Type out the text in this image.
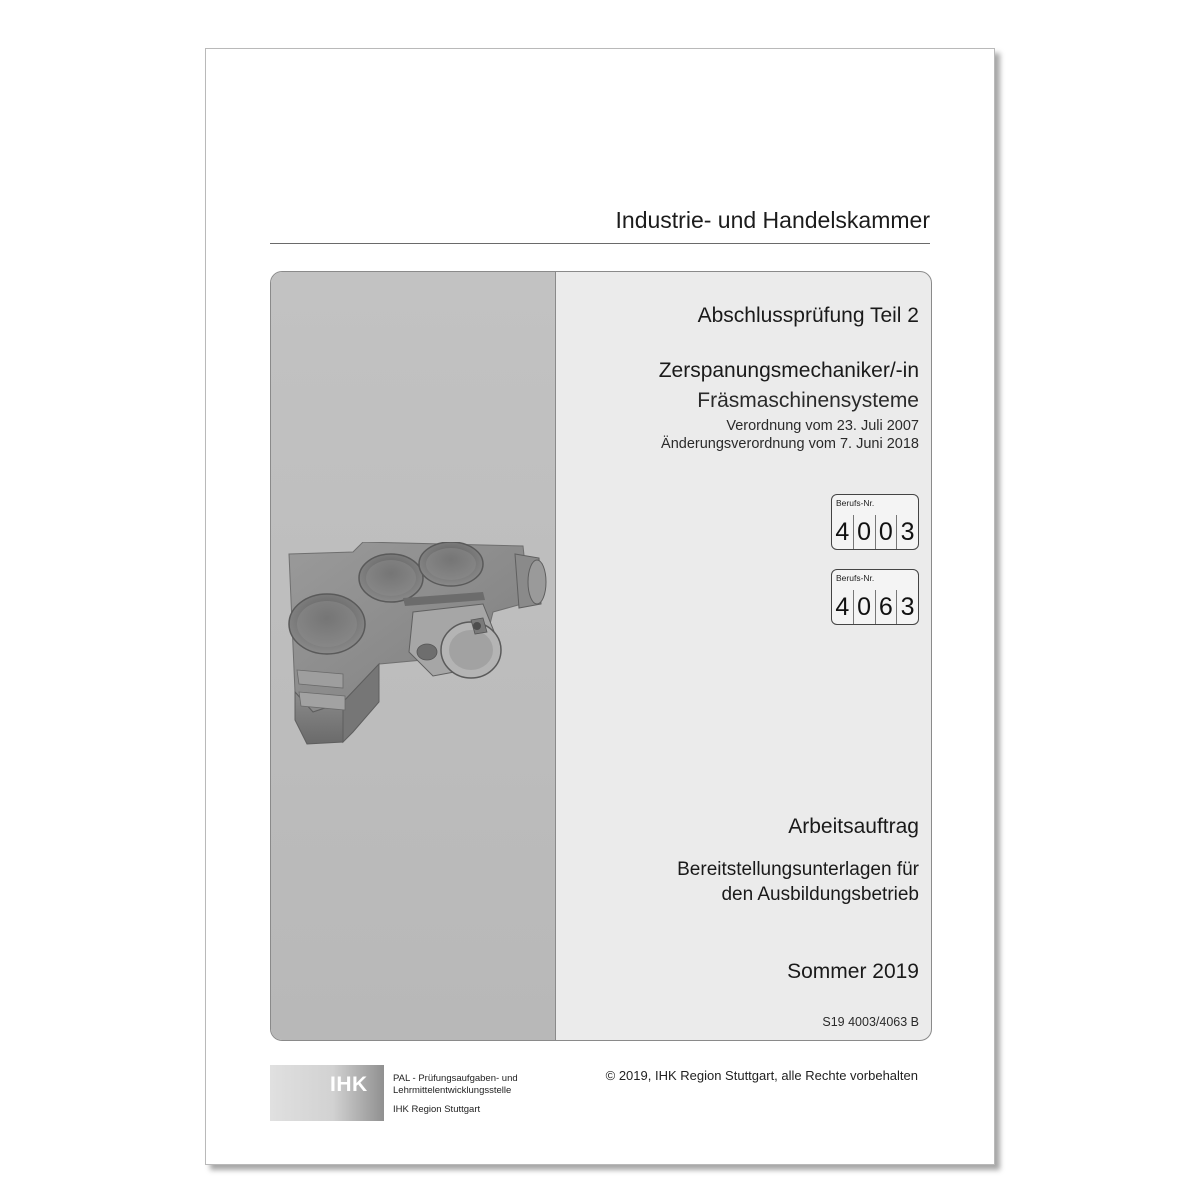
Industrie- und Handelskammer
Abschlussprüfung Teil 2
Zerspanungsmechaniker/-in
Fräsmaschinensysteme
Verordnung vom 23. Juli 2007
Änderungsverordnung vom 7. Juni 2018
Berufs-Nr.
4 0 0 3
Berufs-Nr.
4 0 6 3
Arbeitsauftrag
Bereitstellungsunterlagen für
den Ausbildungsbetrieb
Sommer 2019
S19 4003/4063 B
IHK	PAL - Prüfungsaufgaben- und
Lehrmittelentwicklungsstelle
IHK Region Stuttgart
© 2019, IHK Region Stuttgart, alle Rechte vorbehalten
